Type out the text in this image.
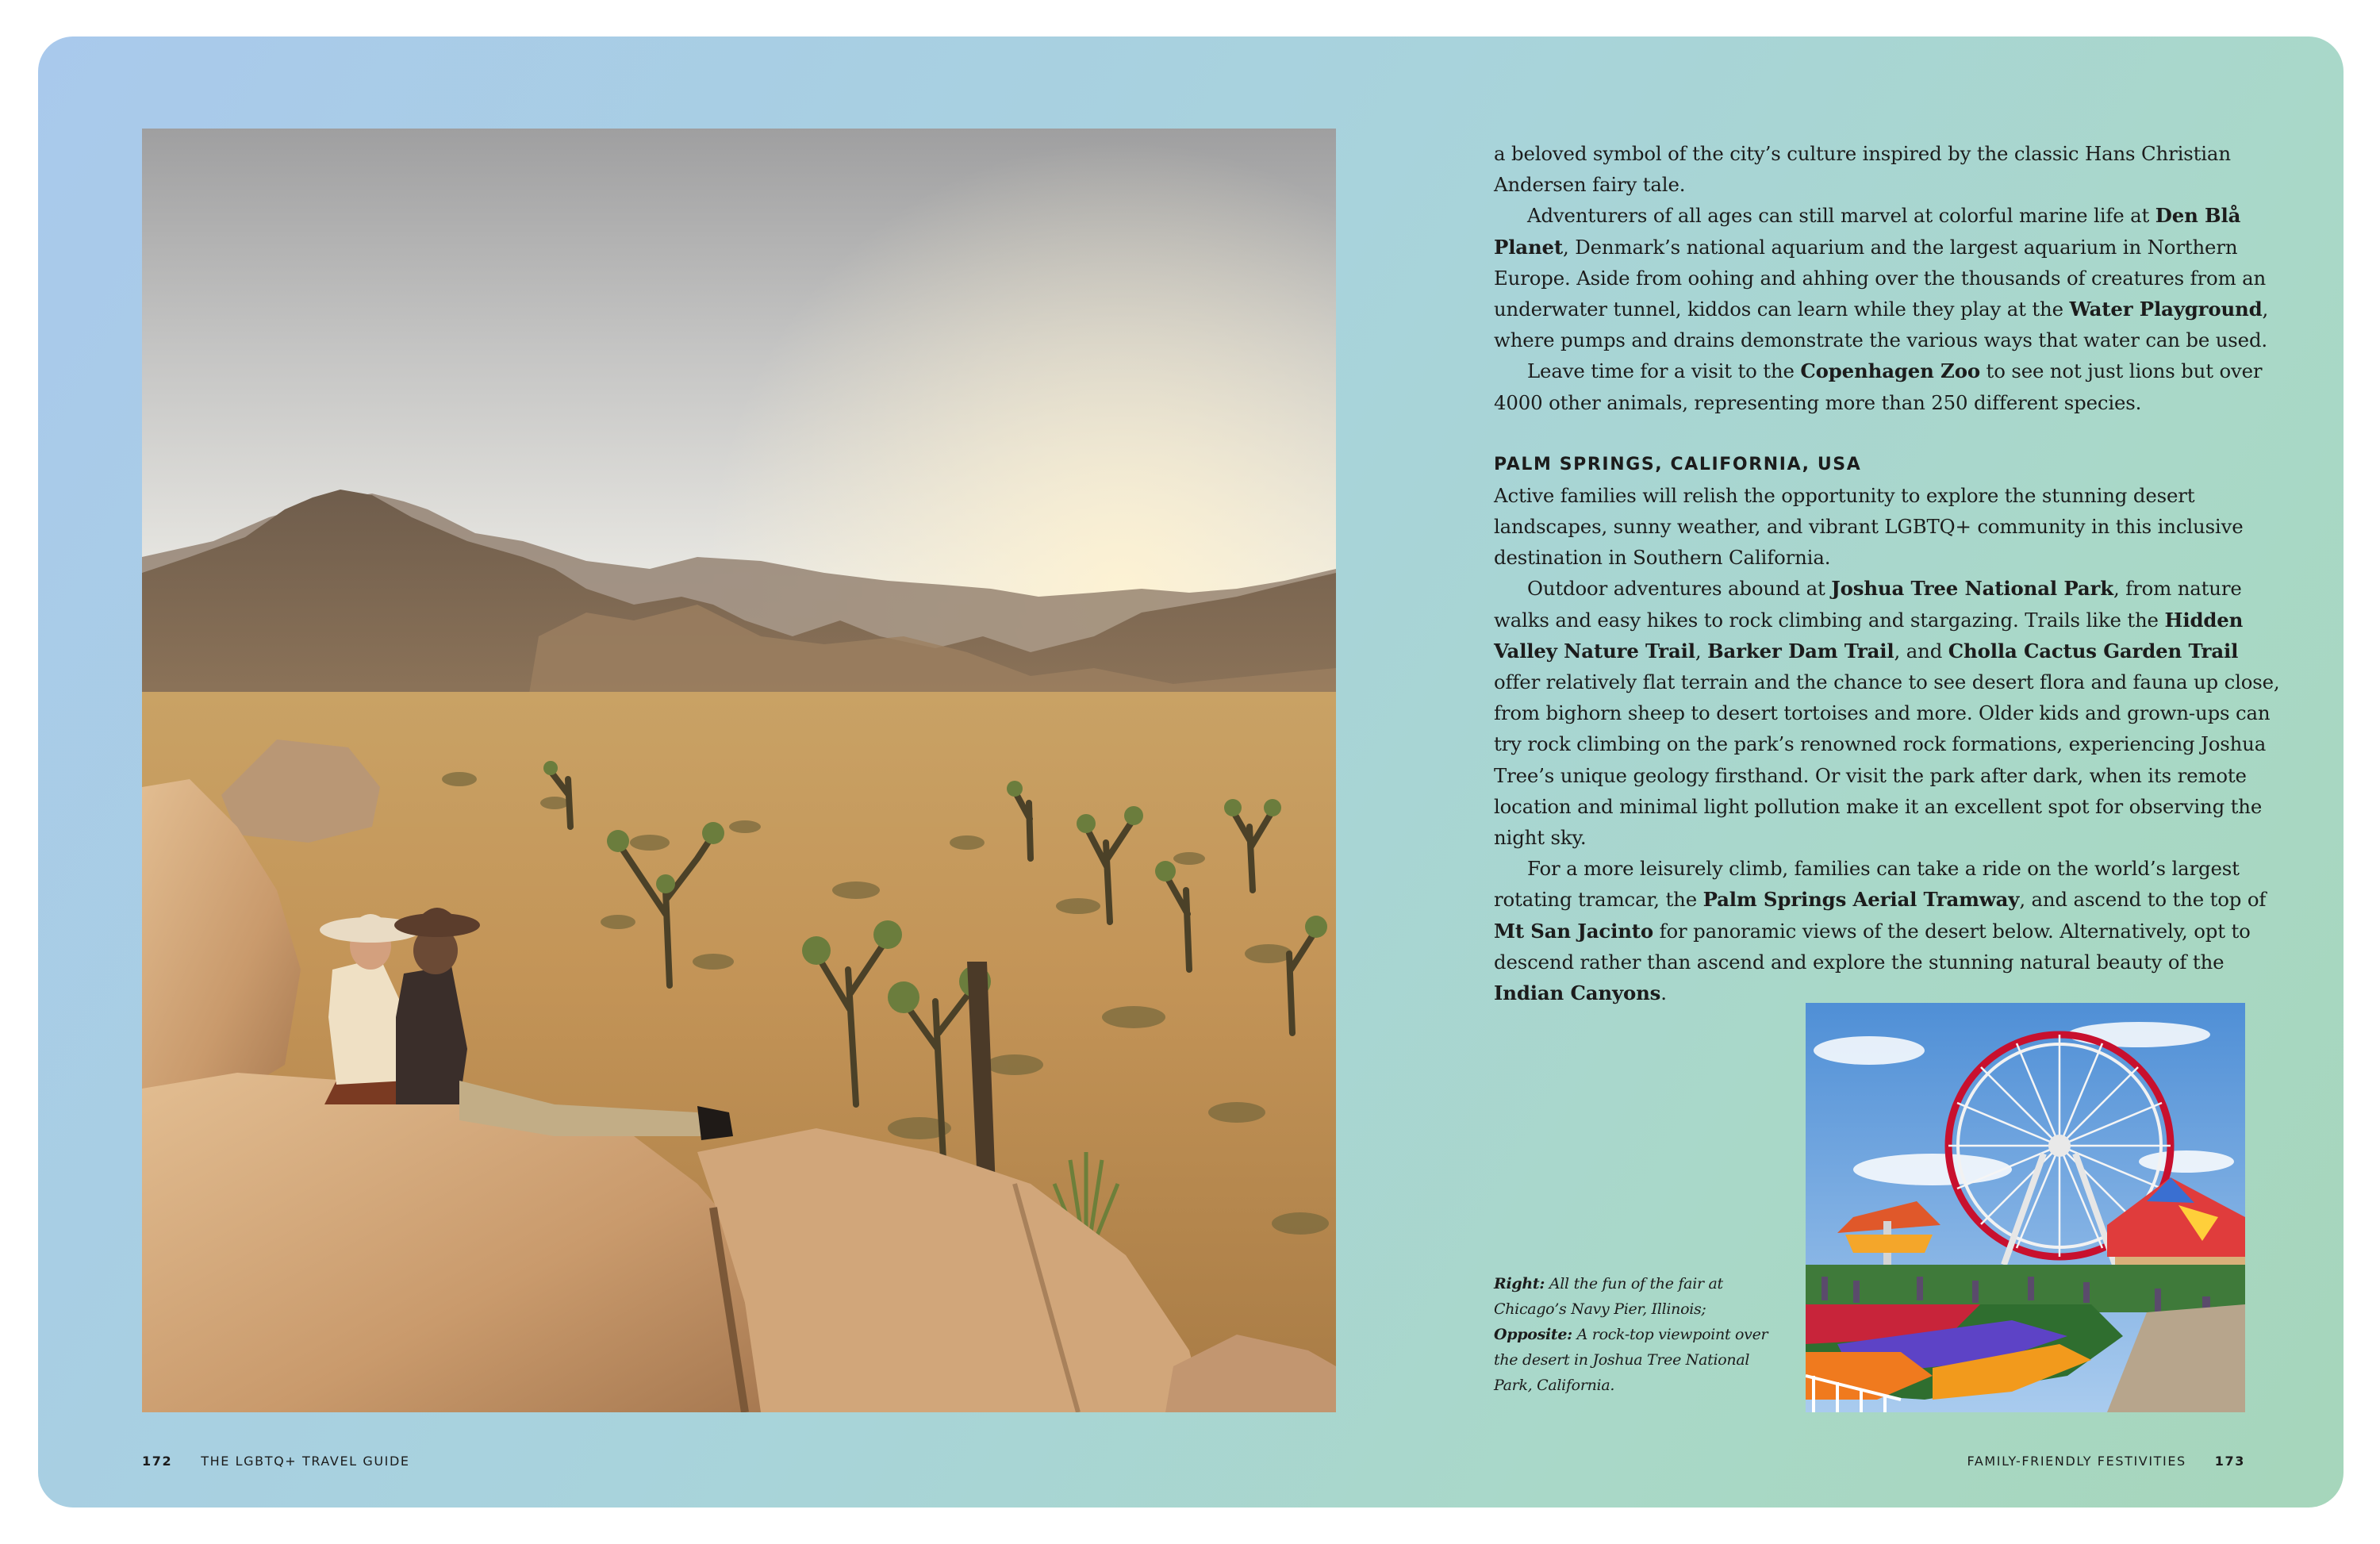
a beloved symbol of the city’s culture inspired by the classic Hans Christian Andersen fairy tale.

Adventurers of all ages can still marvel at colorful marine life at Den Blå Planet, Denmark’s national aquarium and the largest aquarium in Northern Europe. Aside from oohing and ahhing over the thousands of creatures from an underwater tunnel, kiddos can learn while they play at the Water Playground, where pumps and drains demonstrate the various ways that water can be used.

Leave time for a visit to the Copenhagen Zoo to see not just lions but over 4000 other animals, representing more than 250 different species.

PALM SPRINGS, CALIFORNIA, USA

Active families will relish the opportunity to explore the stunning desert landscapes, sunny weather, and vibrant LGBTQ+ community in this inclusive destination in Southern California.

Outdoor adventures abound at Joshua Tree National Park, from nature walks and easy hikes to rock climbing and stargazing. Trails like the Hidden Valley Nature Trail, Barker Dam Trail, and Cholla Cactus Garden Trail offer relatively flat terrain and the chance to see desert flora and fauna up close, from bighorn sheep to desert tortoises and more. Older kids and grown-ups can try rock climbing on the park’s renowned rock formations, experiencing Joshua Tree’s unique geology firsthand. Or visit the park after dark, when its remote location and minimal light pollution make it an excellent spot for observing the night sky.

For a more leisurely climb, families can take a ride on the world’s largest rotating tramcar, the Palm Springs Aerial Tramway, and ascend to the top of Mt San Jacinto for panoramic views of the desert below. Alternatively, opt to descend rather than ascend and explore the stunning natural beauty of the Indian Canyons.

Right: All the fun of the fair at Chicago’s Navy Pier, Illinois;
Opposite: A rock-top viewpoint over the desert in Joshua Tree National Park, California.
172 THE LGBTQ+ TRAVEL GUIDE	FAMILY-FRIENDLY FESTIVITIES 173
